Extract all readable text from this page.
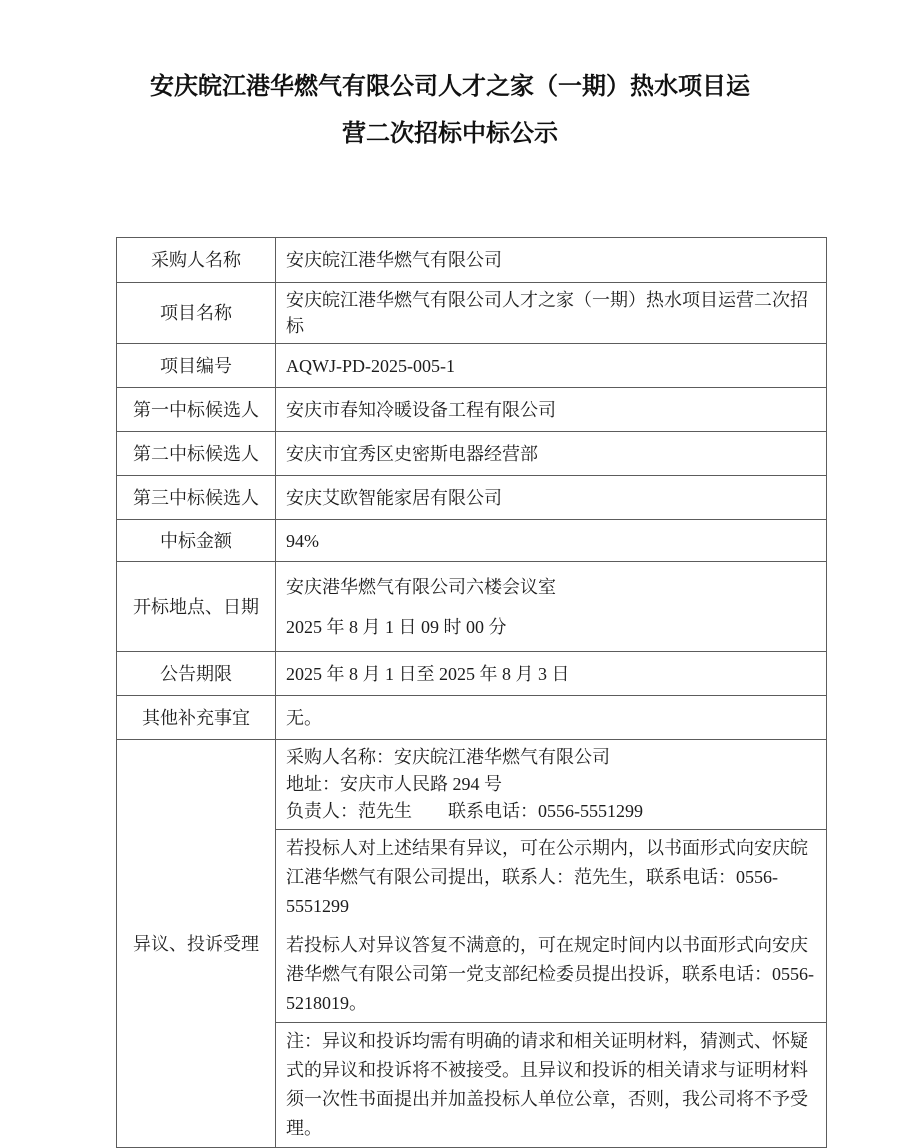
安庆皖江港华燃气有限公司人才之家（一期）热水项目运
营二次招标中标公示
采购人名称	安庆皖江港华燃气有限公司
项目名称	安庆皖江港华燃气有限公司人才之家（一期）热水项目运营二次招标
项目编号	AQWJ-PD-2025-005-1
第一中标候选人	安庆市春知冷暖设备工程有限公司
第二中标候选人	安庆市宜秀区史密斯电器经营部
第三中标候选人	安庆艾欧智能家居有限公司
中标金额	94%
开标地点、日期	安庆港华燃气有限公司六楼会议室
2025 年 8 月 1 日 09 时 00 分

公告期限	2025 年 8 月 1 日至 2025 年 8 月 3 日
其他补充事宜	无。
异议、投诉受理	采购人名称：安庆皖江港华燃气有限公司
地址：安庆市人民路 294 号
负责人：范先生　　联系电话：0556-5551299

	若投标人对上述结果有异议，可在公示期内，以书面形式向安庆皖江港华燃气有限公司提出，联系人：范先生，联系电话：0556-5551299
若投标人对异议答复不满意的，可在规定时间内以书面形式向安庆港华燃气有限公司第一党支部纪检委员提出投诉，联系电话：0556-5218019。

	注：异议和投诉均需有明确的请求和相关证明材料，猜测式、怀疑式的异议和投诉将不被接受。且异议和投诉的相关请求与证明材料须一次性书面提出并加盖投标人单位公章，否则，我公司将不予受理。
